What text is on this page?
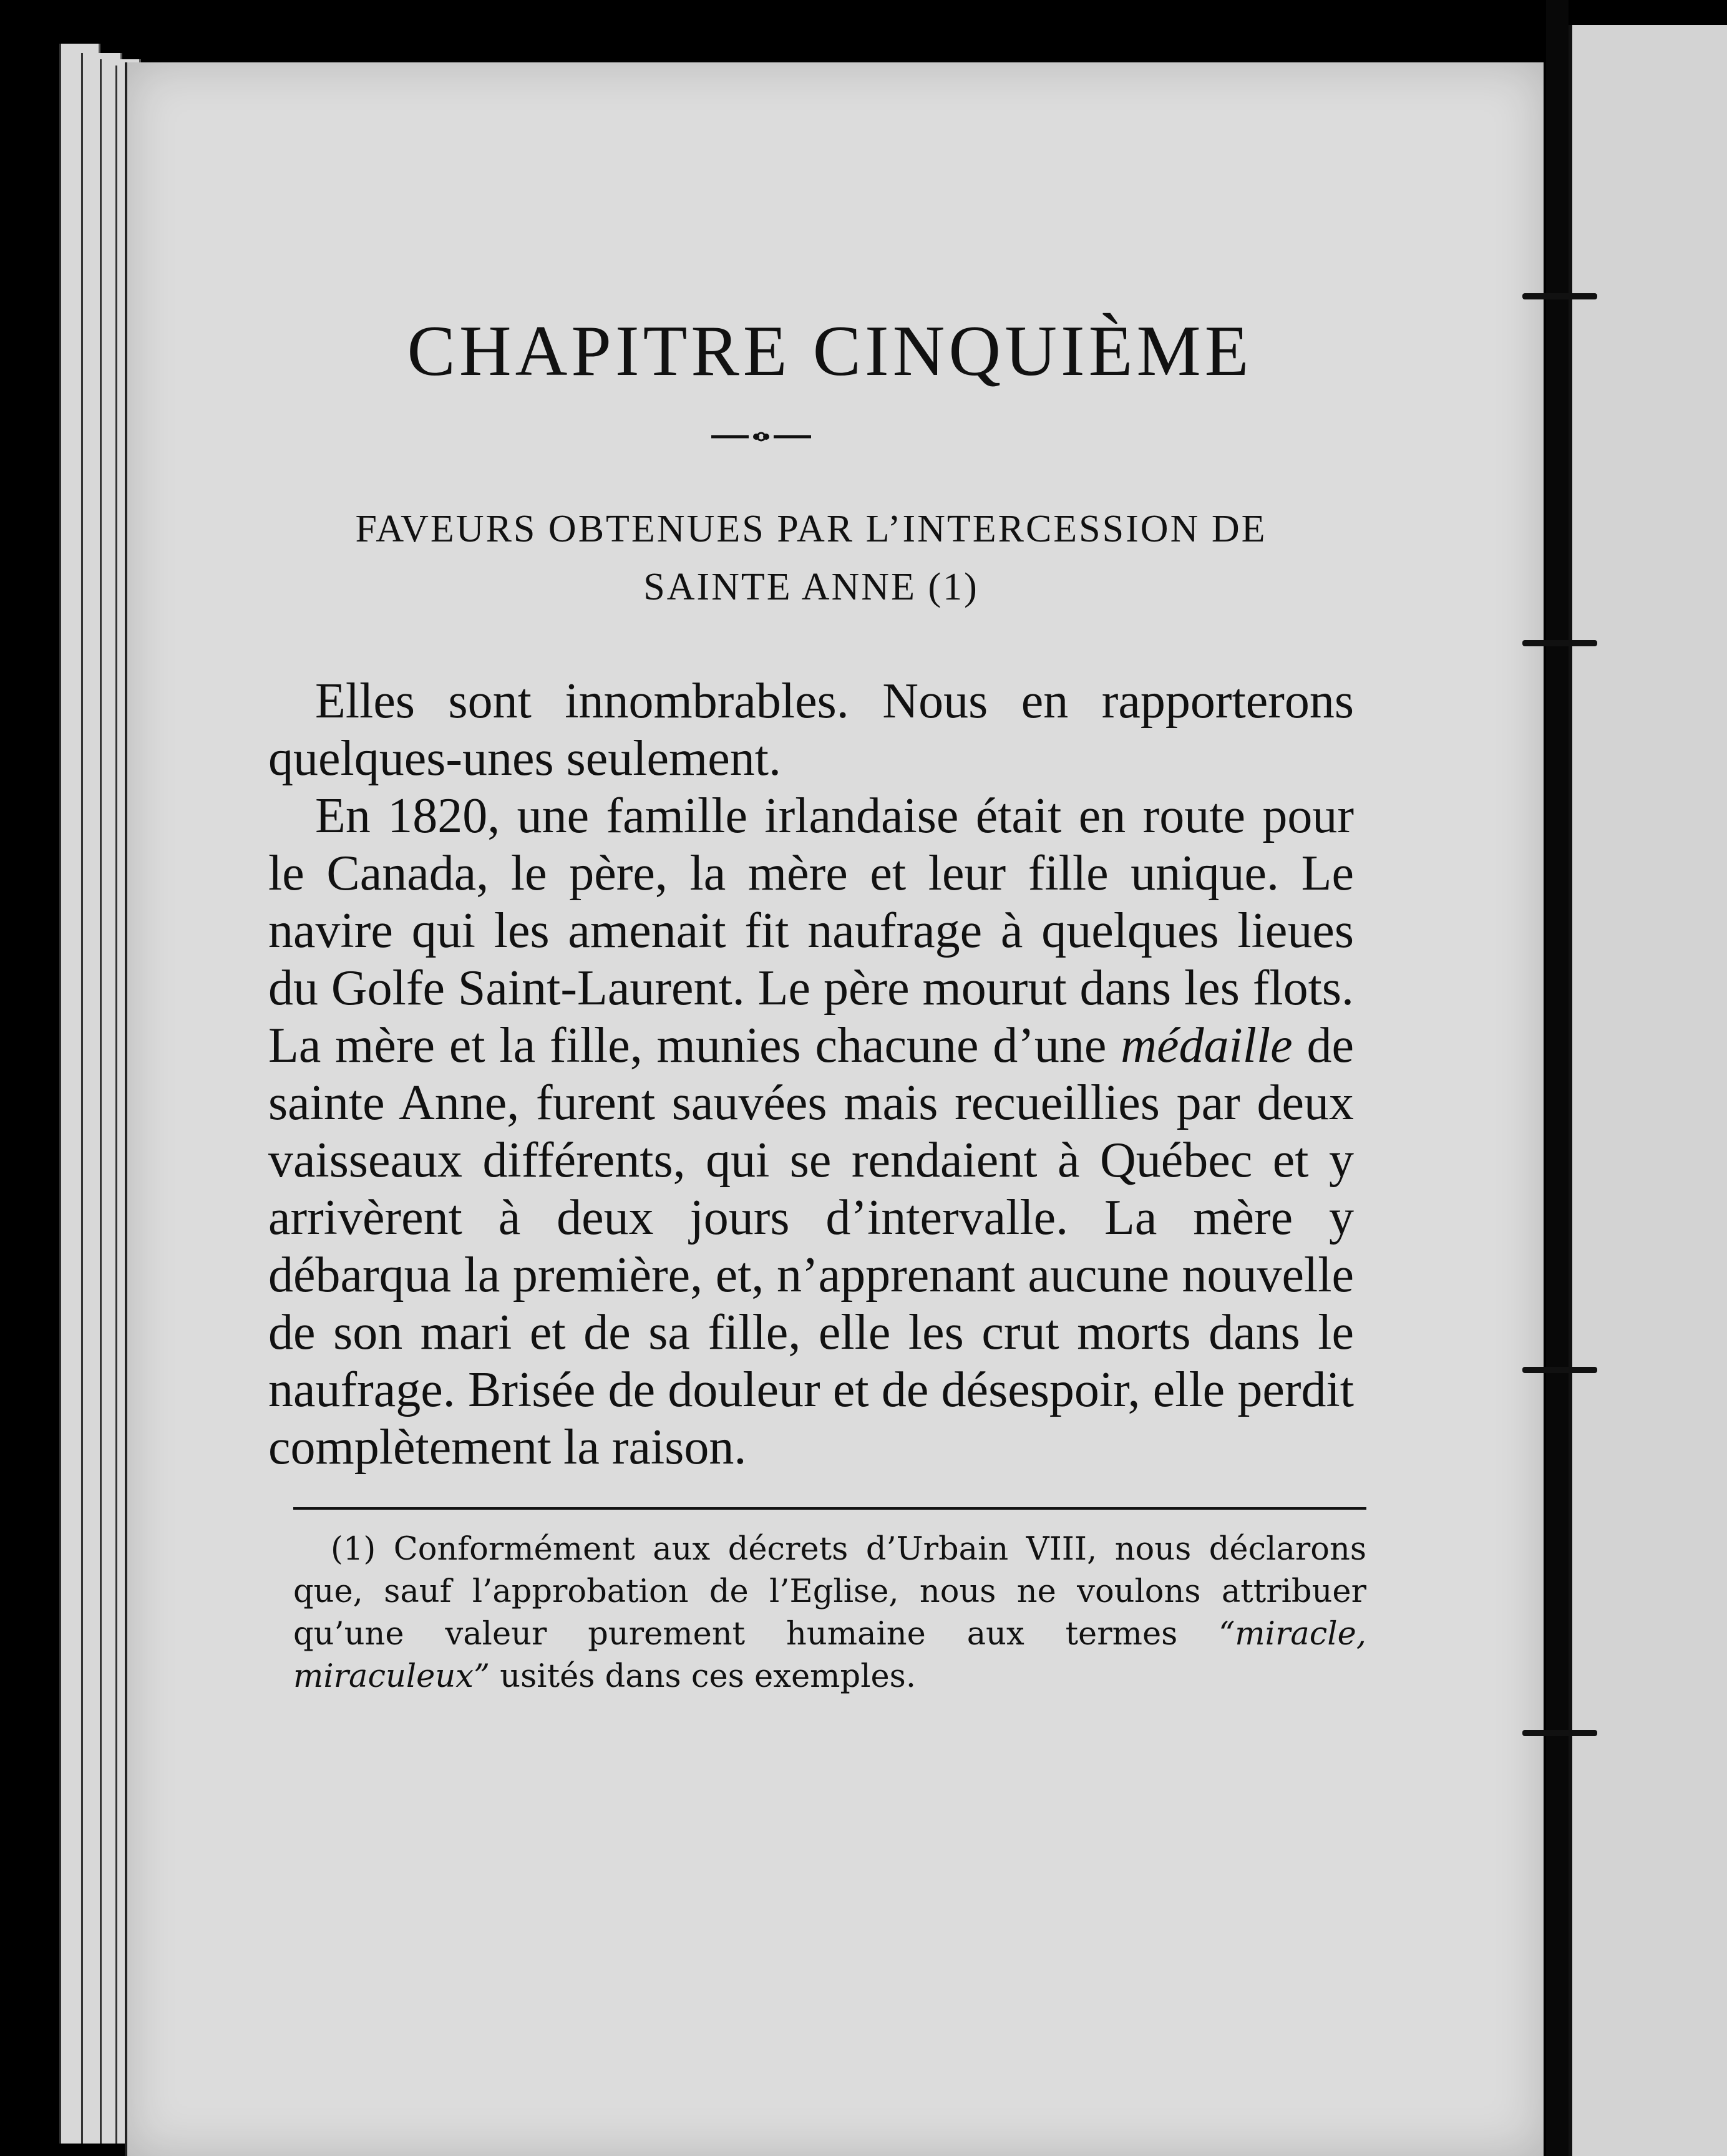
CHAPITRE CINQUIÈME
FAVEURS OBTENUES PAR L’INTERCESSION DE
SAINTE ANNE (1)

Elles sont innombrables. Nous en rapporterons quelques-unes seulement.

En 1820, une famille irlandaise était en route pour le Canada, le père, la mère et leur fille unique. Le navire qui les amenait fit naufrage à quelques lieues du Golfe Saint-Laurent. Le père mourut dans les flots. La mère et la fille, munies chacune d’une médaille de sainte Anne, furent sauvées mais recueillies par deux vaisseaux différents, qui se rendaient à Québec et y arrivèrent à deux jours d’intervalle. La mère y débarqua la première, et, n’apprenant aucune nouvelle de son mari et de sa fille, elle les crut morts dans le naufrage. Brisée de douleur et de désespoir, elle perdit complètement la raison.

(1) Conformément aux décrets d’Urbain VIII, nous déclarons que, sauf l’approbation de l’Eglise, nous ne voulons attribuer qu’une valeur purement humaine aux termes “miracle, miraculeux” usités dans ces exemples.
